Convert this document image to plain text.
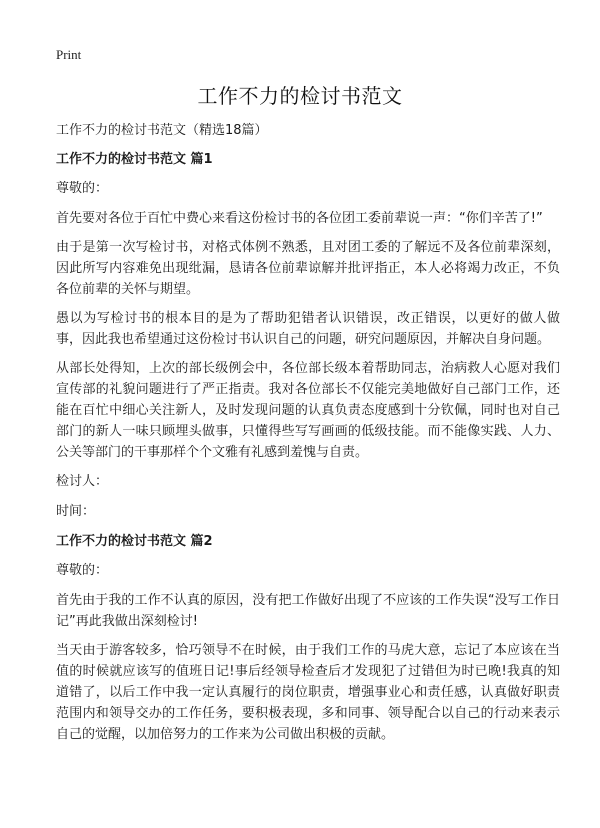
Print
工作不力的检讨书范文

工作不力的检讨书范文（精选18篇）

工作不力的检讨书范文 篇1

尊敬的：

首先要对各位于百忙中费心来看这份检讨书的各位团工委前辈说一声：“你们辛苦了!”

由于是第一次写检讨书，对格式体例不熟悉，且对团工委的了解远不及各位前辈深刻，因此所写内容难免出现纰漏，恳请各位前辈谅解并批评指正，本人必将竭力改正，不负各位前辈的关怀与期望。

愚以为写检讨书的根本目的是为了帮助犯错者认识错误，改正错误，以更好的做人做事，因此我也希望通过这份检讨书认识自己的问题，研究问题原因，并解决自身问题。

从部长处得知，上次的部长级例会中，各位部长级本着帮助同志，治病救人心愿对我们宣传部的礼貌问题进行了严正指责。我对各位部长不仅能完美地做好自己部门工作，还能在百忙中细心关注新人，及时发现问题的认真负责态度感到十分钦佩，同时也对自己部门的新人一味只顾埋头做事，只懂得些写写画画的低级技能。而不能像实践、人力、公关等部门的干事那样个个文雅有礼感到羞愧与自责。

检讨人：

时间：

工作不力的检讨书范文 篇2

尊敬的：

首先由于我的工作不认真的原因，没有把工作做好出现了不应该的工作失误“没写工作日记”再此我做出深刻检讨!

当天由于游客较多，恰巧领导不在时候，由于我们工作的马虎大意，忘记了本应该在当值的时候就应该写的值班日记!事后经领导检查后才发现犯了过错但为时已晚!我真的知道错了，以后工作中我一定认真履行的岗位职责，增强事业心和责任感，认真做好职责范围内和领导交办的工作任务，要积极表现，多和同事、领导配合以自己的行动来表示自己的觉醒，以加倍努力的工作来为公司做出积极的贡献。
